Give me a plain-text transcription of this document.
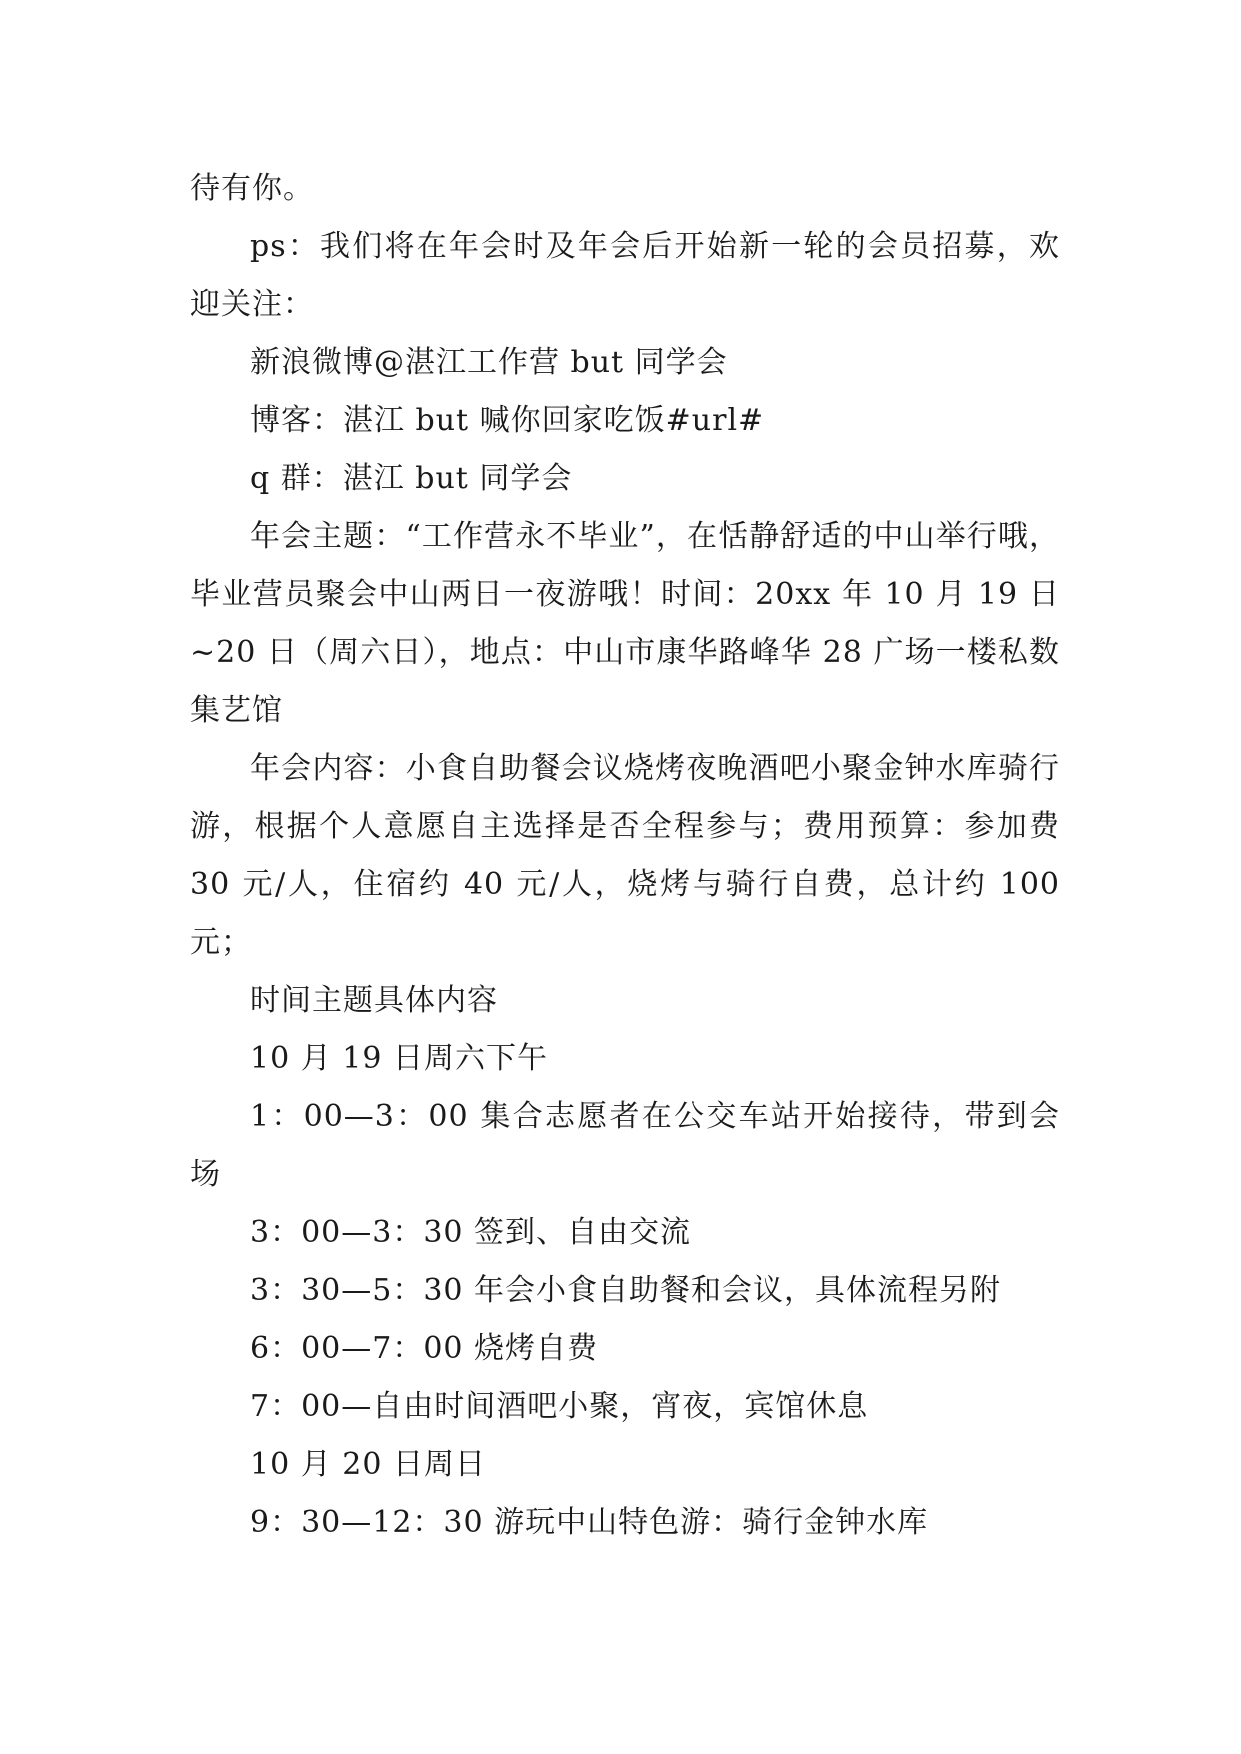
待有你。

ps：我们将在年会时及年会后开始新一轮的会员招募，欢迎关注：

新浪微博@湛江工作营 but 同学会

博客：湛江 but 喊你回家吃饭#url#

q 群：湛江 but 同学会

年会主题：“工作营永不毕业”，在恬静舒适的中山举行哦，毕业营员聚会中山两日一夜游哦！时间：20xx 年 10 月 19 日~20 日（周六日），地点：中山市康华路峰华 28 广场一楼私数集艺馆

年会内容：小食自助餐会议烧烤夜晚酒吧小聚金钟水库骑行游，根据个人意愿自主选择是否全程参与；费用预算：参加费 30 元/人，住宿约 40 元/人，烧烤与骑行自费，总计约 100 元；

时间主题具体内容

10 月 19 日周六下午

1：00—3：00 集合志愿者在公交车站开始接待，带到会场

3：00—3：30 签到、自由交流

3：30—5：30 年会小食自助餐和会议，具体流程另附

6：00—7：00 烧烤自费

7：00—自由时间酒吧小聚，宵夜，宾馆休息

10 月 20 日周日

9：30—12：30 游玩中山特色游：骑行金钟水库
